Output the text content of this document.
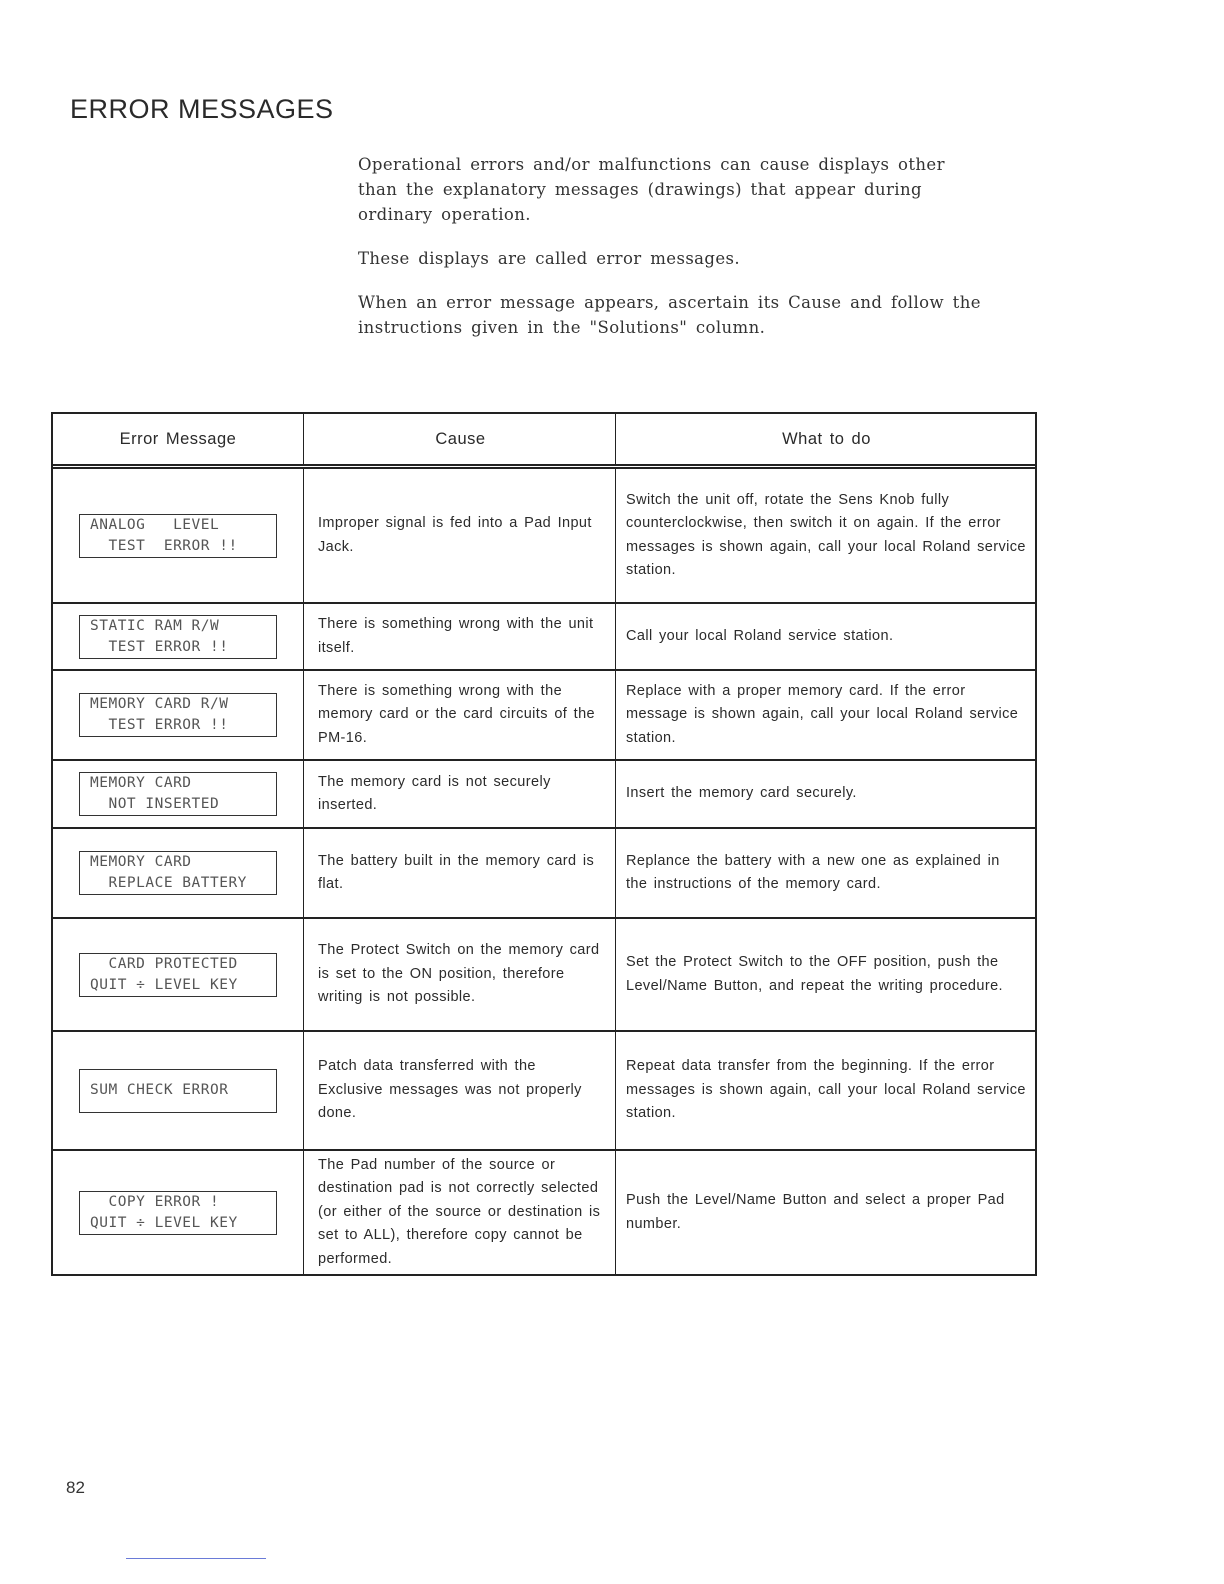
ERROR MESSAGES

Operational errors and/or malfunctions can cause displays other than the explanatory messages (drawings) that appear during ordinary operation.

These displays are called error messages.

When an error message appears, ascertain its Cause and follow the instructions given in the "Solutions" column.

Error Message	Cause	What to do
ANALOG   LEVEL
TEST  ERROR !!
Improper signal is fed into a Pad Input Jack.
Switch the unit off, rotate the Sens Knob fully counterclockwise, then switch it on again. If the error messages is shown again, call your local Roland service station.
STATIC RAM R/W
TEST ERROR !!
There is something wrong with the unit itself.
Call your local Roland service station.
MEMORY CARD R/W
TEST ERROR !!
There is something wrong with the memory card or the card circuits of the PM-16.
Replace with a proper memory card. If the error message is shown again, call your local Roland service station.
MEMORY CARD
NOT INSERTED
The memory card is not securely inserted.
Insert the memory card securely.
MEMORY CARD
REPLACE BATTERY
The battery built in the memory card is flat.
Replance the battery with a new one as explained in the instructions of the memory card.
CARD PROTECTED
QUIT ÷ LEVEL KEY
The Protect Switch on the memory card is set to the ON position, therefore writing is not possible.
Set the Protect Switch to the OFF position, push the Level/Name Button, and repeat the writing procedure.
SUM CHECK ERROR
Patch data transferred with the Exclusive messages was not properly done.
Repeat data transfer from the beginning. If the error messages is shown again, call your local Roland service station.
COPY ERROR !
QUIT ÷ LEVEL KEY
The Pad number of the source or destination pad is not correctly selected (or either of the source or destination is set to ALL), therefore copy cannot be performed.
Push the Level/Name Button and select a proper Pad number.
82
